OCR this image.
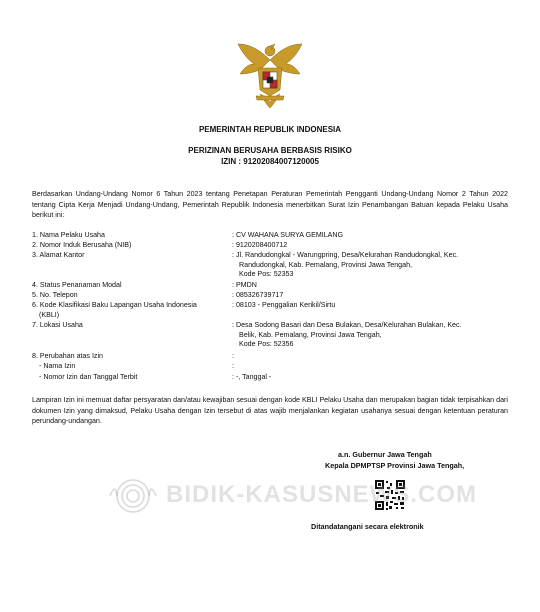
PEMERINTAH REPUBLIK INDONESIA
PERIZINAN BERUSAHA BERBASIS RISIKO
IZIN : 91202084007120005
Berdasarkan Undang-Undang Nomor 6 Tahun 2023 tentang Penetapan Peraturan Pemerintah Pengganti Undang-Undang Nomor 2 Tahun 2022 tentang Cipta Kerja Menjadi Undang-Undang, Pemerintah Republik Indonesia menerbitkan Surat Izin Penambangan Batuan kepada Pelaku Usaha berikut ini:
1. Nama Pelaku Usaha	: CV WAHANA SURYA GEMILANG
2. Nomor Induk Berusaha (NIB)	: 9120208400712
3. Alamat Kantor	: Jl. Randudongkal - Warungpring, Desa/Kelurahan Randudongkal, Kec.
Randudongkal, Kab. Pemalang, Provinsi Jawa Tengah,
Kode Pos: 52353
4. Status Penanaman Modal	: PMDN
5. No. Telepon	: 085326739717
6. Kode Klasifikasi Baku Lapangan Usaha Indonesia
(KBLI)
: 08103 - Penggalian Kerikil/Sirtu
7. Lokasi Usaha	: Desa Sodong Basari dan Desa Bulakan, Desa/Kelurahan Bulakan, Kec.
Belik, Kab. Pemalang, Provinsi Jawa Tengah,
Kode Pos: 52356
8. Perubahan atas Izin	:
- Nama Izin	:
- Nomor Izin dan Tanggal Terbit	: -, Tanggal -
Lampiran Izin ini memuat daftar persyaratan dan/atau kewajiban sesuai dengan kode KBLI Pelaku Usaha dan merupakan bagian tidak terpisahkan dari dokumen Izin yang dimaksud, Pelaku Usaha dengan Izin tersebut di atas wajib menjalankan kegiatan usahanya sesuai dengan ketentuan peraturan perundang-undangan.
a.n. Gubernur Jawa Tengah
Kepala DPMPTSP Provinsi Jawa Tengah,
Ditandatangani secara elektronik
BIDIK-KASUSNEWS.COM
